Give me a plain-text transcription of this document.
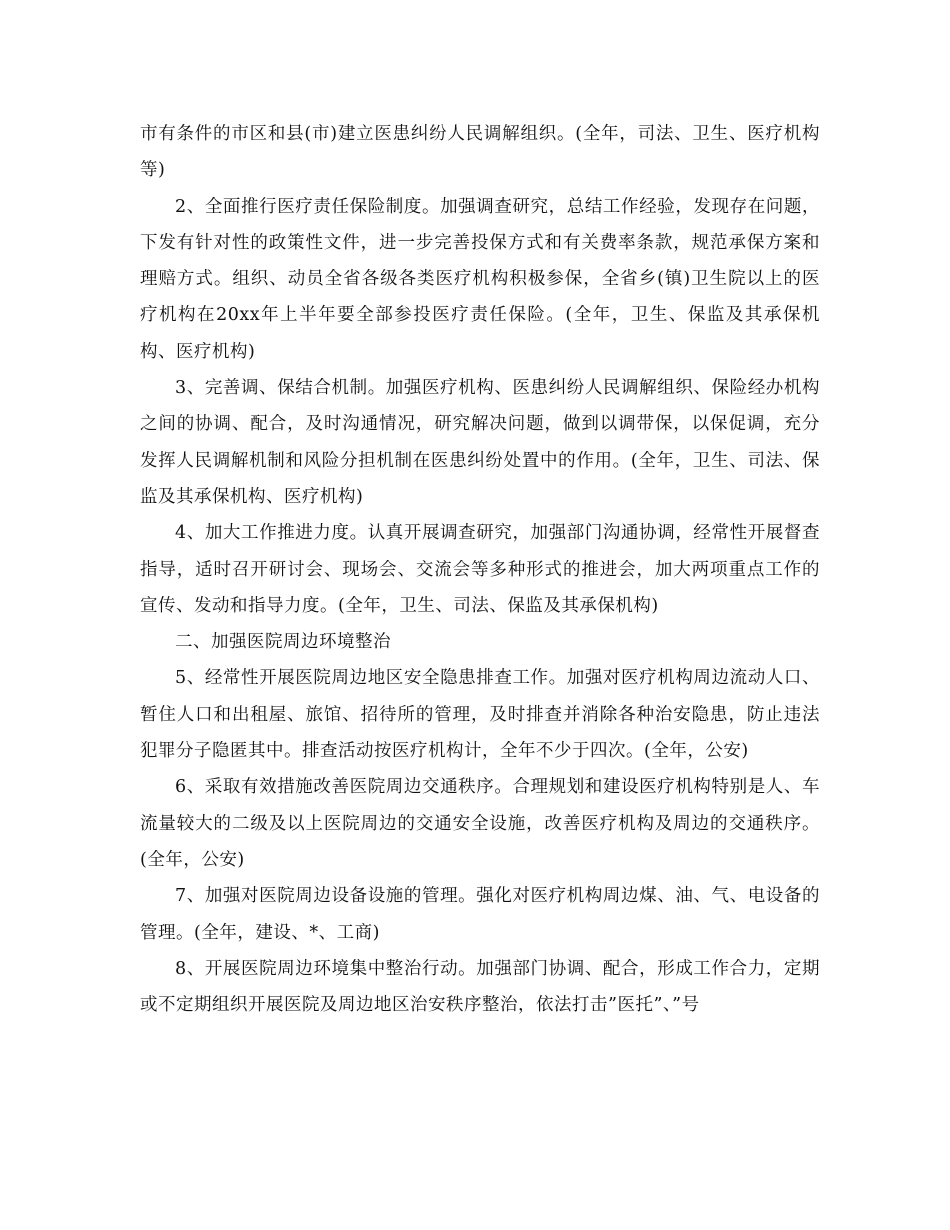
市有条件的市区和县(市)建立医患纠纷人民调解组织。(全年，司法、卫生、医疗机构等)

2、全面推行医疗责任保险制度。加强调查研究，总结工作经验，发现存在问题，下发有针对性的政策性文件，进一步完善投保方式和有关费率条款，规范承保方案和理赔方式。组织、动员全省各级各类医疗机构积极参保，全省乡(镇)卫生院以上的医疗机构在20xx年上半年要全部参投医疗责任保险。(全年，卫生、保监及其承保机构、医疗机构)

3、完善调、保结合机制。加强医疗机构、医患纠纷人民调解组织、保险经办机构之间的协调、配合，及时沟通情况，研究解决问题，做到以调带保，以保促调，充分发挥人民调解机制和风险分担机制在医患纠纷处置中的作用。(全年，卫生、司法、保监及其承保机构、医疗机构)

4、加大工作推进力度。认真开展调查研究，加强部门沟通协调，经常性开展督查指导，适时召开研讨会、现场会、交流会等多种形式的推进会，加大两项重点工作的宣传、发动和指导力度。(全年，卫生、司法、保监及其承保机构)

二、加强医院周边环境整治

5、经常性开展医院周边地区安全隐患排查工作。加强对医疗机构周边流动人口、暂住人口和出租屋、旅馆、招待所的管理，及时排查并消除各种治安隐患，防止违法犯罪分子隐匿其中。排查活动按医疗机构计，全年不少于四次。(全年，公安)

6、采取有效措施改善医院周边交通秩序。合理规划和建设医疗机构特别是人、车流量较大的二级及以上医院周边的交通安全设施，改善医疗机构及周边的交通秩序。(全年，公安)

7、加强对医院周边设备设施的管理。强化对医疗机构周边煤、油、气、电设备的管理。(全年，建设、*、工商)

8、开展医院周边环境集中整治行动。加强部门协调、配合，形成工作合力，定期或不定期组织开展医院及周边地区治安秩序整治，依法打击”医托”、”号
